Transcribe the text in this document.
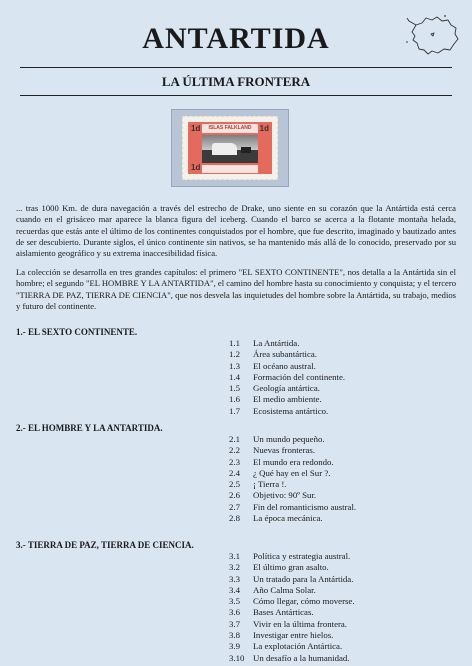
ANTARTIDA
LA ÚLTIMA FRONTERA
ISLAS FALKLAND
1d	1d
1d

... tras 1000 Km. de dura navegación a través del estrecho de Drake, uno siente en su corazón que la Antártida está cerca cuando en el grisáceo mar aparece la blanca figura del iceberg. Cuando el barco se acerca a la flotante montaña helada, recuerdas que estás ante el último de los continentes conquistados por el hombre, que fue descrito, imaginado y bautizado antes de ser descubierto. Durante siglos, el único continente sin nativos, se ha mantenido más allá de lo conocido, preservado por su aislamiento geográfico y su extrema inaccesibilidad física.

La colección se desarrolla en tres grandes capítulos: el primero "EL SEXTO CONTINENTE", nos detalla a la Antártida sin el hombre; el segundo "EL HOMBRE Y LA ANTARTIDA", el camino del hombre hasta su conocimiento y conquista; y el tercero "TIERRA DE PAZ, TIERRA DE CIENCIA", que nos desvela las inquietudes del hombre sobre la Antártida, su trabajo, medios y futuro del continente.

1.- EL SEXTO CONTINENTE.
1.1 La Antártida.
1.2 Área subantártica.
1.3 El océano austral.
1.4 Formación del continente.
1.5 Geología antártica.
1.6 El medio ambiente.
1.7 Ecosistema antártico.
2.- EL HOMBRE Y LA ANTARTIDA.
2.1 Un mundo pequeño.
2.2 Nuevas fronteras.
2.3 El mundo era redondo.
2.4 ¿ Qué hay en el Sur ?.
2.5 ¡ Tierra !.
2.6 Objetivo: 90º Sur.
2.7 Fin del romanticismo austral.
2.8 La época mecánica.
3.- TIERRA DE PAZ, TIERRA DE CIENCIA.
3.1 Política y estrategia austral.
3.2 El último gran asalto.
3.3 Un tratado para la Antártida.
3.4 Año Calma Solar.
3.5 Cómo llegar, cómo moverse.
3.6 Bases Antárticas.
3.7 Vivir en la última frontera.
3.8 Investigar entre hielos.
3.9 La explotación Antártica.
3.10 Un desafío a la humanidad.
